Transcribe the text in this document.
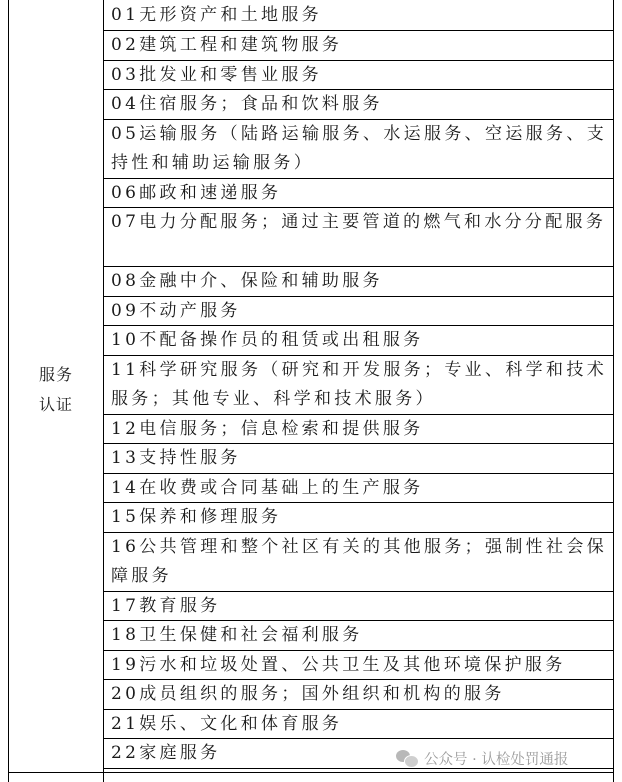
服务
认证
01无形资产和土地服务
02建筑工程和建筑物服务
03批发业和零售业服务
04住宿服务；食品和饮料服务
05运输服务（陆路运输服务、水运服务、空运服务、支持性和辅助运输服务）
06邮政和速递服务
07电力分配服务；通过主要管道的燃气和水分分配服务
08金融中介、保险和辅助服务
09不动产服务
10不配备操作员的租赁或出租服务
11科学研究服务（研究和开发服务；专业、科学和技术服务；其他专业、科学和技术服务）
12电信服务；信息检索和提供服务
13支持性服务
14在收费或合同基础上的生产服务
15保养和修理服务
16公共管理和整个社区有关的其他服务；强制性社会保障服务
17教育服务
18卫生保健和社会福利服务
19污水和垃圾处置、公共卫生及其他环境保护服务
20成员组织的服务；国外组织和机构的服务
21娱乐、文化和体育服务
22家庭服务	公众号 · 认检处罚通报
